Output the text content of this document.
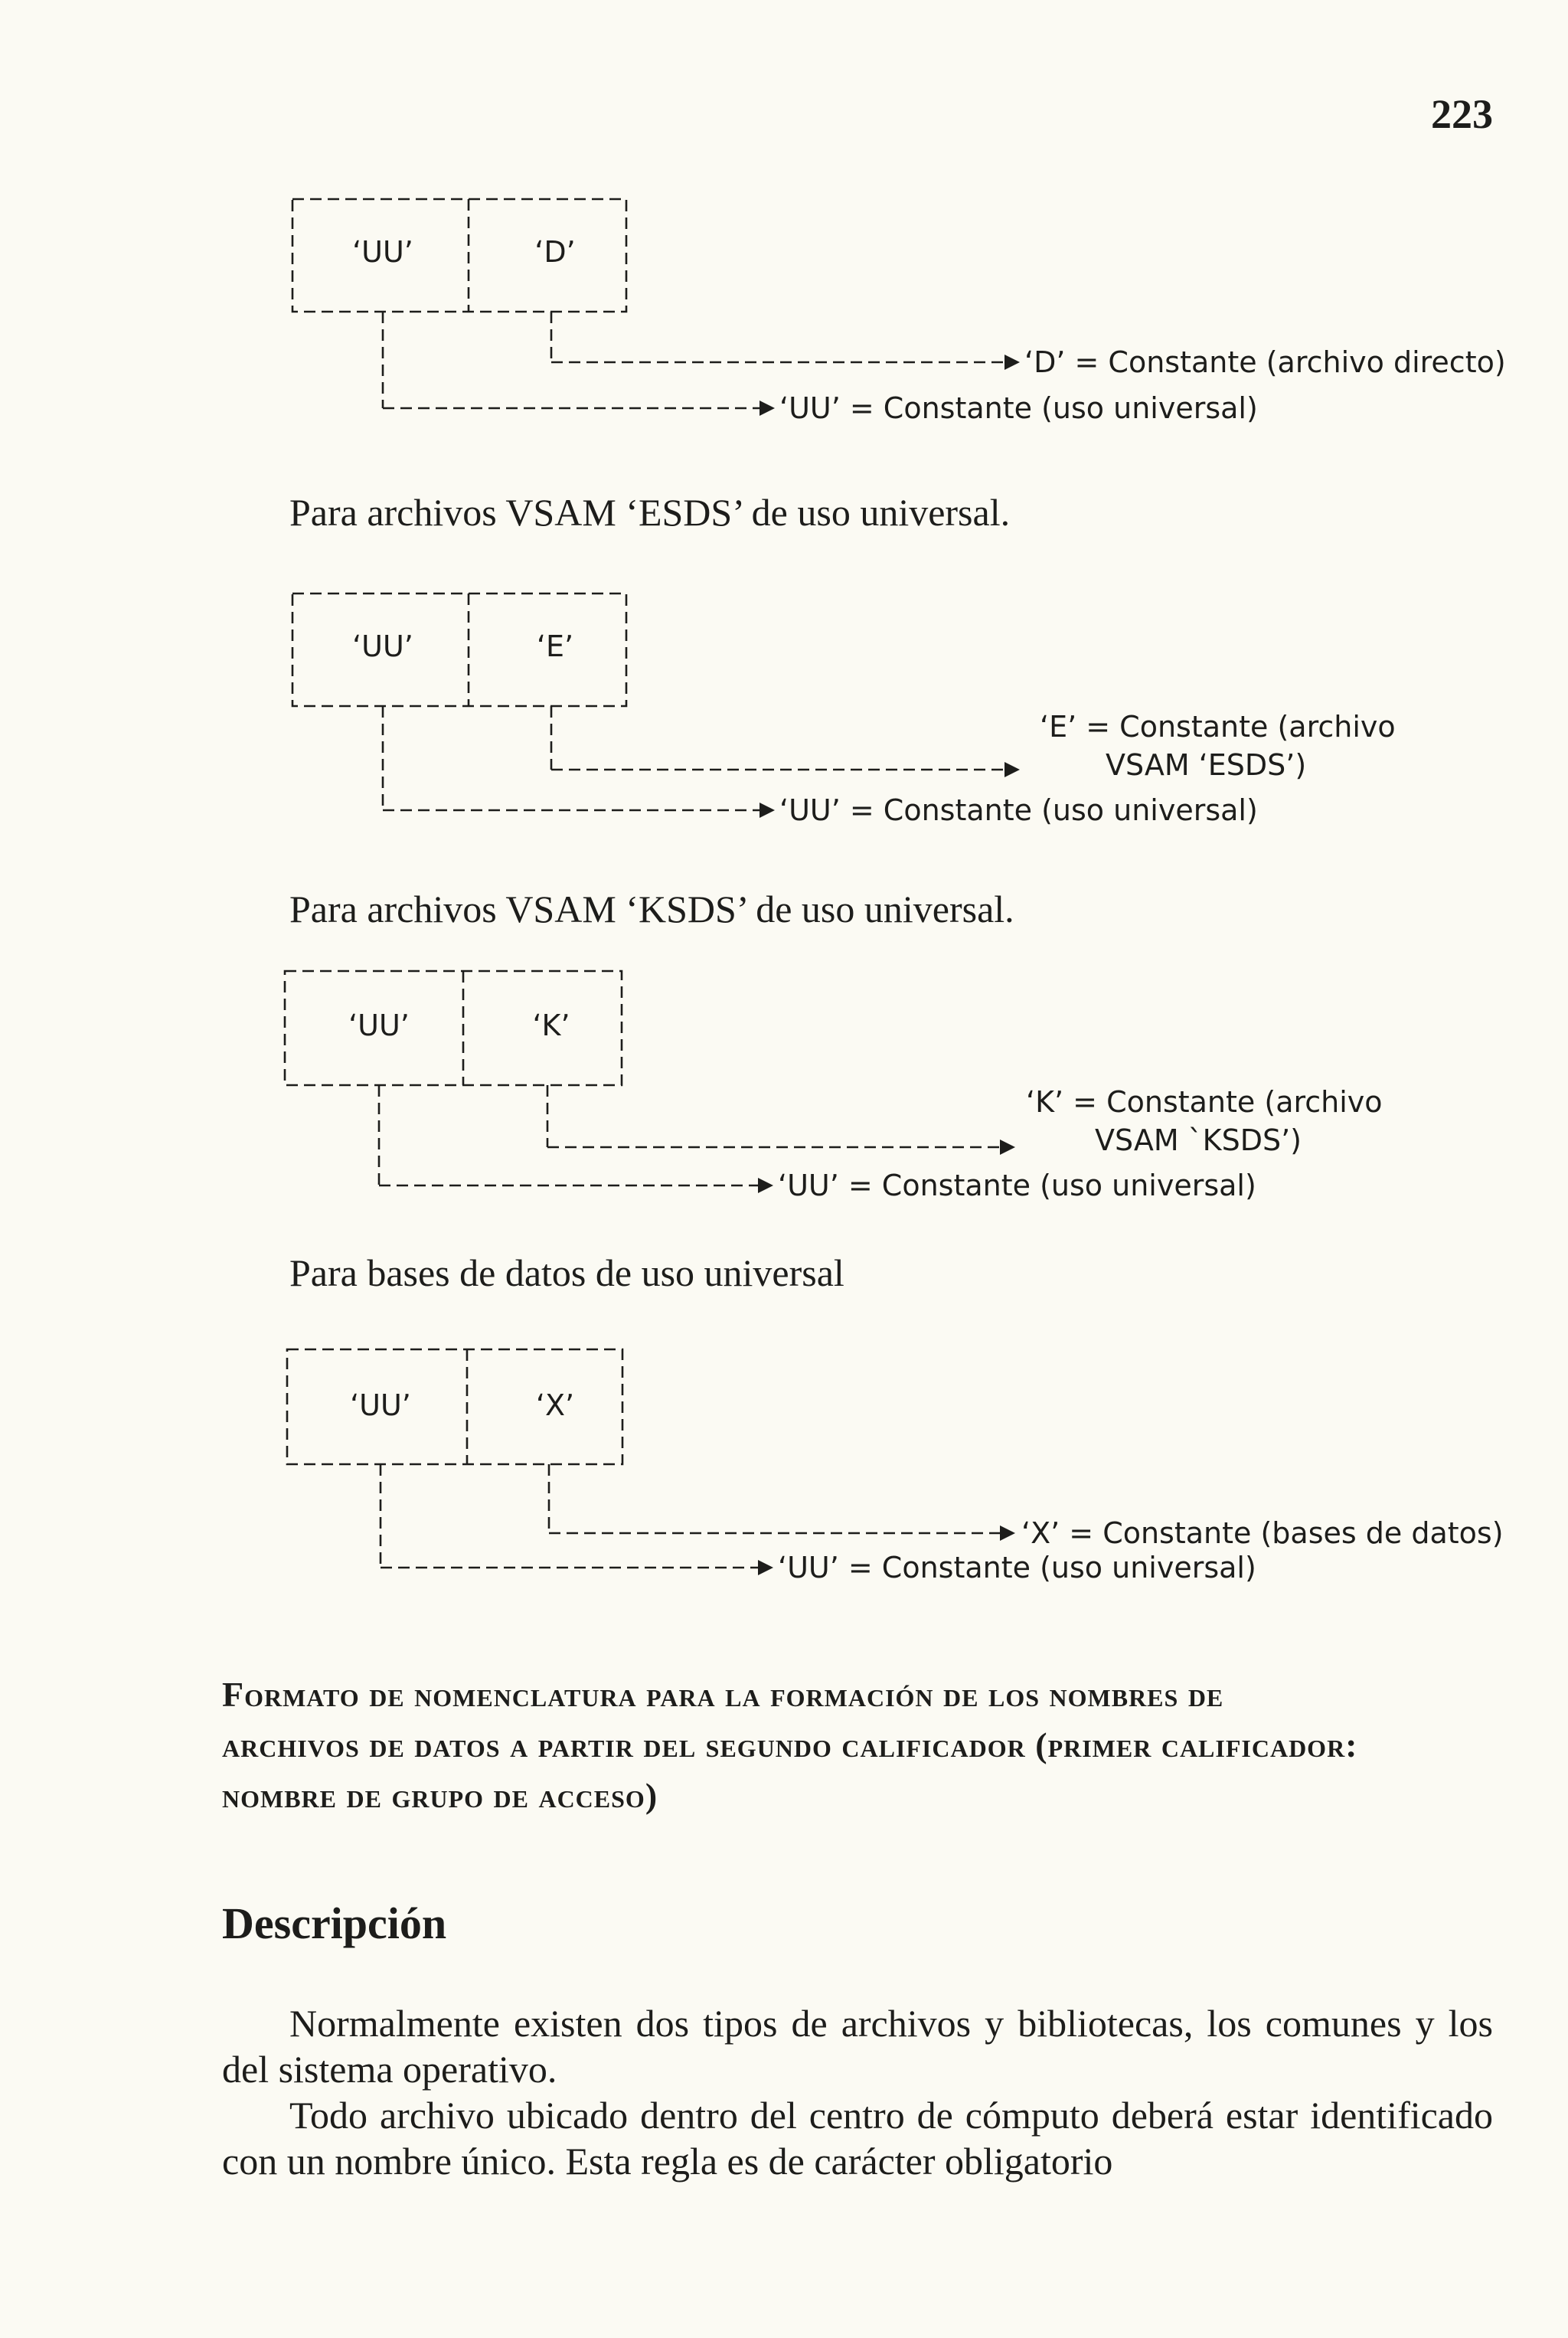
223
‘UU’	‘D’
‘D’ = Constante (archivo directo)
‘UU’ = Constante (uso universal)
Para archivos VSAM ‘ESDS’ de uso universal.
‘UU’	‘E’
‘E’ = Constante (archivo
VSAM ‘ESDS’)
‘UU’ = Constante (uso universal)
Para archivos VSAM ‘KSDS’ de uso universal.
‘UU’	‘K’
‘K’ = Constante (archivo
VSAM `KSDS’)
‘UU’ = Constante (uso universal)
Para bases de datos de uso universal
‘UU’	‘X’
‘X’ = Constante (bases de datos)
‘UU’ = Constante (uso universal)
Formato de nomenclatura para la formación de los nombres de archivos de datos a partir del segundo calificador (primer calificador: nombre de grupo de acceso)
Descripción

Normalmente existen dos tipos de archivos y bibliotecas, los comunes y los del sistema operativo.

Todo archivo ubicado dentro del centro de cómputo deberá estar identificado con un nombre único. Esta regla es de carácter obligatorio
